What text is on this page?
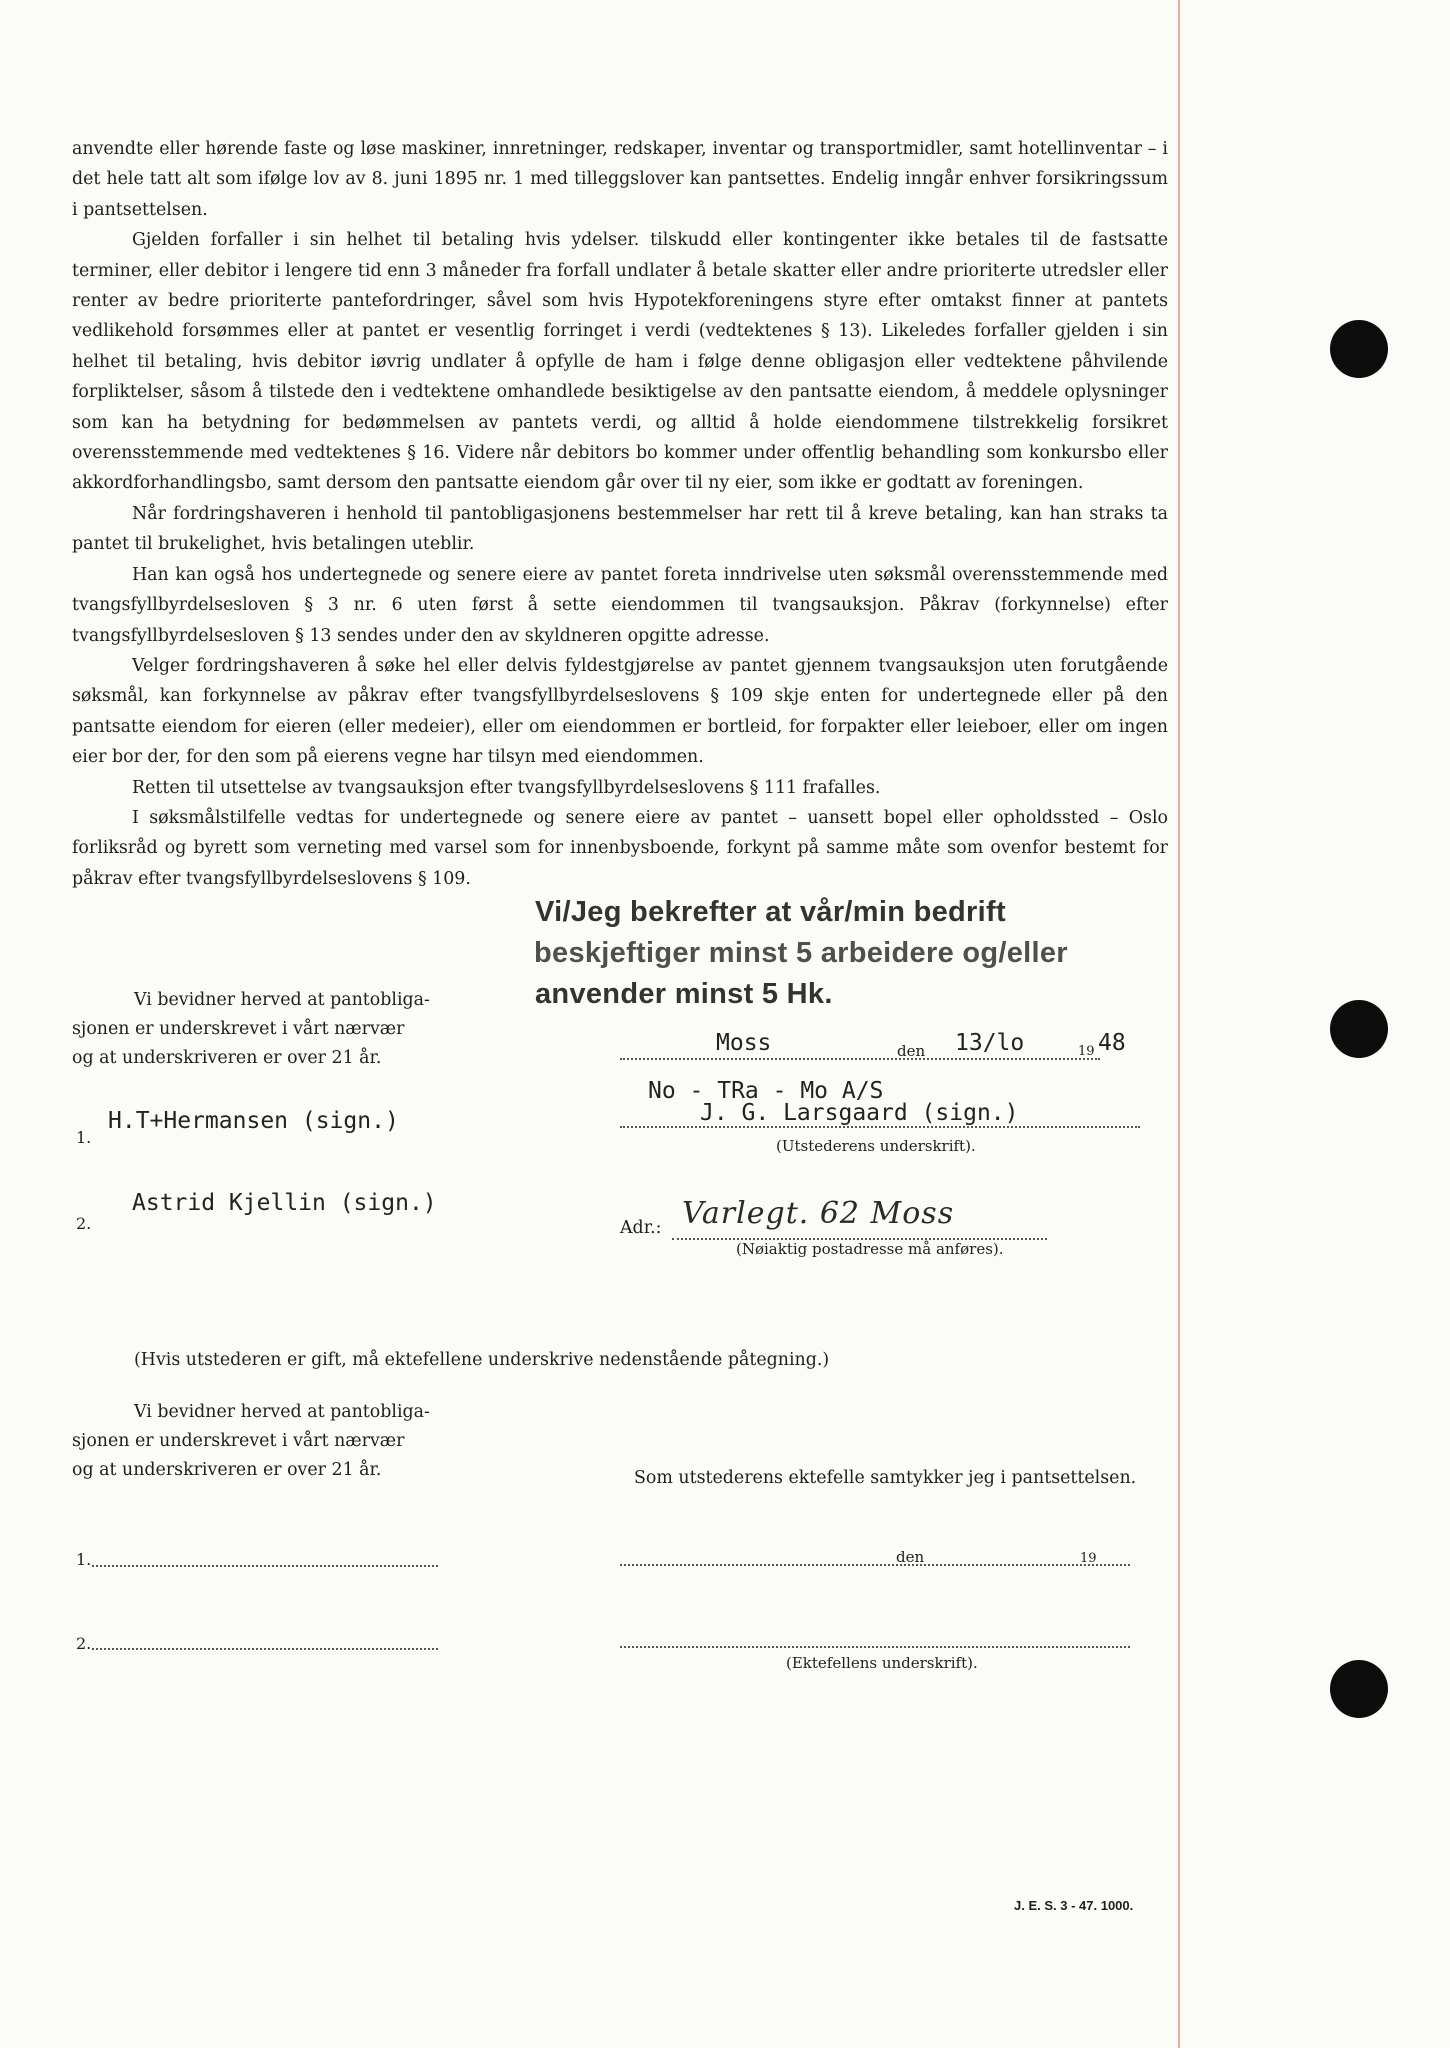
anvendte eller hørende faste og løse maskiner, innretninger, redskaper, inventar og transportmidler, samt hotellinventar – i det hele tatt alt som ifølge lov av 8. juni 1895 nr. 1 med tilleggslover kan pantsettes. Endelig inngår enhver forsikringssum i pantsettelsen.

Gjelden forfaller i sin helhet til betaling hvis ydelser. tilskudd eller kontingenter ikke betales til de fastsatte terminer, eller debitor i lengere tid enn 3 måneder fra forfall undlater å betale skatter eller andre prioriterte utredsler eller renter av bedre prioriterte pantefordringer, såvel som hvis Hypotekforeningens styre efter omtakst finner at pantets vedlikehold forsømmes eller at pantet er vesentlig forringet i verdi (vedtektenes § 13). Likeledes forfaller gjelden i sin helhet til betaling, hvis debitor iøvrig undlater å opfylle de ham i følge denne obligasjon eller vedtektene påhvilende forpliktelser, såsom å tilstede den i vedtektene omhandlede besiktigelse av den pantsatte eiendom, å meddele oplysninger som kan ha betydning for bedømmelsen av pantets verdi, og alltid å holde eiendommene tilstrekkelig forsikret overensstemmende med vedtektenes § 16. Videre når debitors bo kommer under offentlig behandling som konkursbo eller akkordforhandlingsbo, samt dersom den pantsatte eiendom går over til ny eier, som ikke er godtatt av foreningen.

Når fordringshaveren i henhold til pantobligasjonens bestemmelser har rett til å kreve betaling, kan han straks ta pantet til brukelighet, hvis betalingen uteblir.

Han kan også hos undertegnede og senere eiere av pantet foreta inndrivelse uten søksmål overensstemmende med tvangsfyllbyrdelsesloven § 3 nr. 6 uten først å sette eiendommen til tvangsauksjon. Påkrav (forkynnelse) efter tvangsfyllbyrdelsesloven § 13 sendes under den av skyldneren opgitte adresse.

Velger fordringshaveren å søke hel eller delvis fyldestgjørelse av pantet gjennem tvangsauksjon uten forutgående søksmål, kan forkynnelse av påkrav efter tvangsfyllbyrdelseslovens § 109 skje enten for undertegnede eller på den pantsatte eiendom for eieren (eller medeier), eller om eiendommen er bortleid, for forpakter eller leieboer, eller om ingen eier bor der, for den som på eierens vegne har tilsyn med eiendommen.

Retten til utsettelse av tvangsauksjon efter tvangsfyllbyrdelseslovens § 111 frafalles.

I søksmålstilfelle vedtas for undertegnede og senere eiere av pantet – uansett bopel eller opholdssted – Oslo forliksråd og byrett som verneting med varsel som for innenbysboende, forkynt på samme måte som ovenfor bestemt for påkrav efter tvangsfyllbyrdelseslovens § 109.

Vi/Jeg bekrefter at vår/min bedrift
beskjeftiger minst 5 arbeidere og/eller
anvender minst 5 Hk.
Vi bevidner herved at pantobliga-
sjonen er underskrevet i vårt nærvær
og at underskriveren er over 21 år.
Moss	den 13/lo	19 48
No - TRa - Mo A/S
J. G. Larsgaard (sign.)
(Utstederens underskrift).
Adr.: Varlegt. 62 Moss
(Nøiaktig postadresse må anføres).
1.
H.T+Hermansen (sign.)
2.
Astrid Kjellin (sign.)
(Hvis utstederen er gift, må ektefellene underskrive nedenstående påtegning.)
Vi bevidner herved at pantobliga-
sjonen er underskrevet i vårt nærvær
og at underskriveren er over 21 år.	Som utstederens ektefelle samtykker jeg i pantsettelsen.
1.
2.
den	19
(Ektefellens underskrift).
J. E. S. 3 - 47. 1000.
